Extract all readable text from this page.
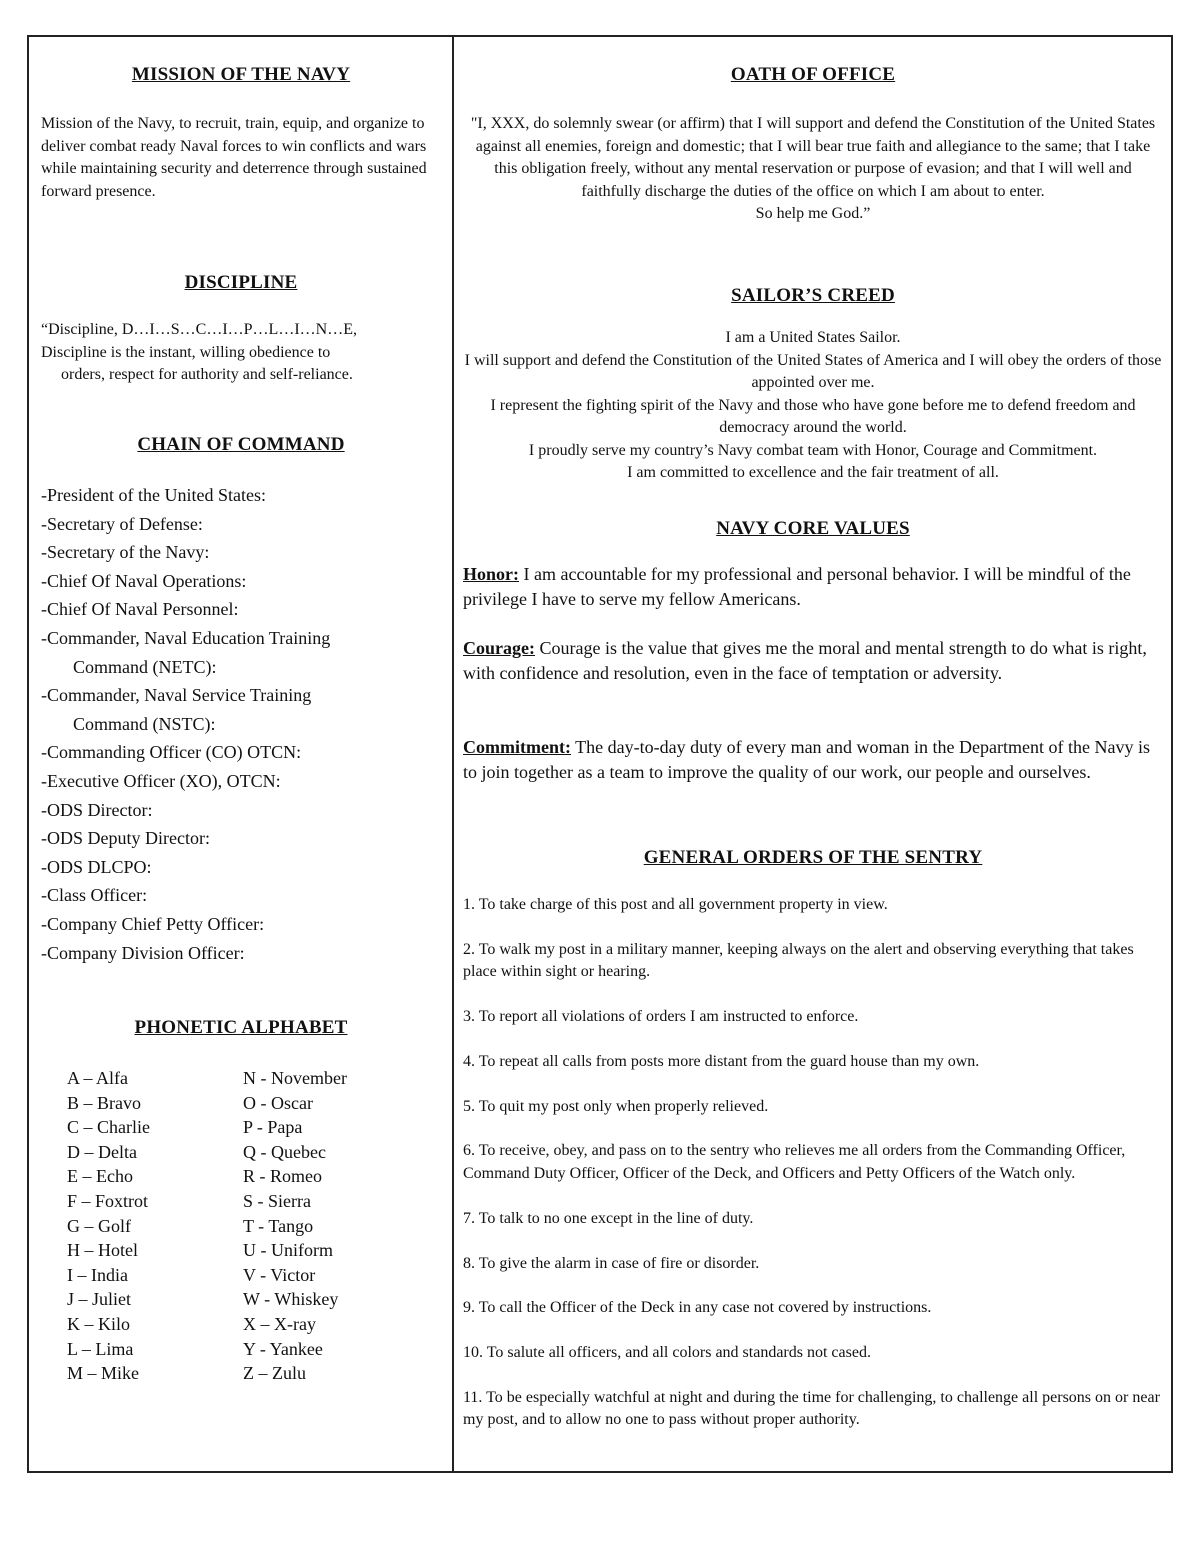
MISSION OF THE NAVY

Mission of the Navy, to recruit, train, equip, and organize to deliver combat ready Naval forces to win conflicts and wars while maintaining security and deterrence through sustained forward presence.

DISCIPLINE

“Discipline, D…I…S…C…I…P…L…I…N…E,
Discipline is the instant, willing obedience to

orders, respect for authority and self-reliance.

CHAIN OF COMMAND
-President of the United States:
-Secretary of Defense:
-Secretary of the Navy:
-Chief Of Naval Operations:
-Chief Of Naval Personnel:
-Commander, Naval Education Training
Command (NETC):
-Commander, Naval Service Training
Command (NSTC):
-Commanding Officer (CO) OTCN:
-Executive Officer (XO), OTCN:
-ODS Director:
-ODS Deputy Director:
-ODS DLCPO:
-Class Officer:
-Company Chief Petty Officer:
-Company Division Officer:
PHONETIC ALPHABET
A – Alfa	N - November
B – Bravo	O - Oscar
C – Charlie	P - Papa
D – Delta	Q - Quebec
E – Echo	R - Romeo
F – Foxtrot	S - Sierra
G – Golf	T - Tango
H – Hotel	U - Uniform
I – India	V - Victor
J – Juliet	W - Whiskey
K – Kilo	X – X-ray
L – Lima	Y - Yankee
M – Mike	Z – Zulu
OATH OF OFFICE

"I, XXX, do solemnly swear (or affirm) that I will support and defend the Constitution of the United States against all enemies, foreign and domestic; that I will bear true faith and allegiance to the same; that I take this obligation freely, without any mental reservation or purpose of evasion; and that I will well and faithfully discharge the duties of the office on which I am about to enter.
So help me God.”

SAILOR’S CREED

I am a United States Sailor.
I will support and defend the Constitution of the United States of America and I will obey the orders of those appointed over me.
I represent the fighting spirit of the Navy and those who have gone before me to defend freedom and democracy around the world.
I proudly serve my country’s Navy combat team with Honor, Courage and Commitment.
I am committed to excellence and the fair treatment of all.

NAVY CORE VALUES

Honor: I am accountable for my professional and personal behavior. I will be mindful of the privilege I have to serve my fellow Americans.

Courage: Courage is the value that gives me the moral and mental strength to do what is right, with confidence and resolution, even in the face of temptation or adversity.

Commitment: The day-to-day duty of every man and woman in the Department of the Navy is to join together as a team to improve the quality of our work, our people and ourselves.

GENERAL ORDERS OF THE SENTRY
1. To take charge of this post and all government property in view.
2. To walk my post in a military manner, keeping always on the alert and observing everything that takes place within sight or hearing.
3. To report all violations of orders I am instructed to enforce.
4. To repeat all calls from posts more distant from the guard house than my own.
5. To quit my post only when properly relieved.
6. To receive, obey, and pass on to the sentry who relieves me all orders from the Commanding Officer, Command Duty Officer, Officer of the Deck, and Officers and Petty Officers of the Watch only.
7. To talk to no one except in the line of duty.
8. To give the alarm in case of fire or disorder.
9. To call the Officer of the Deck in any case not covered by instructions.
10. To salute all officers, and all colors and standards not cased.
11. To be especially watchful at night and during the time for challenging, to challenge all persons on or near my post, and to allow no one to pass without proper authority.
